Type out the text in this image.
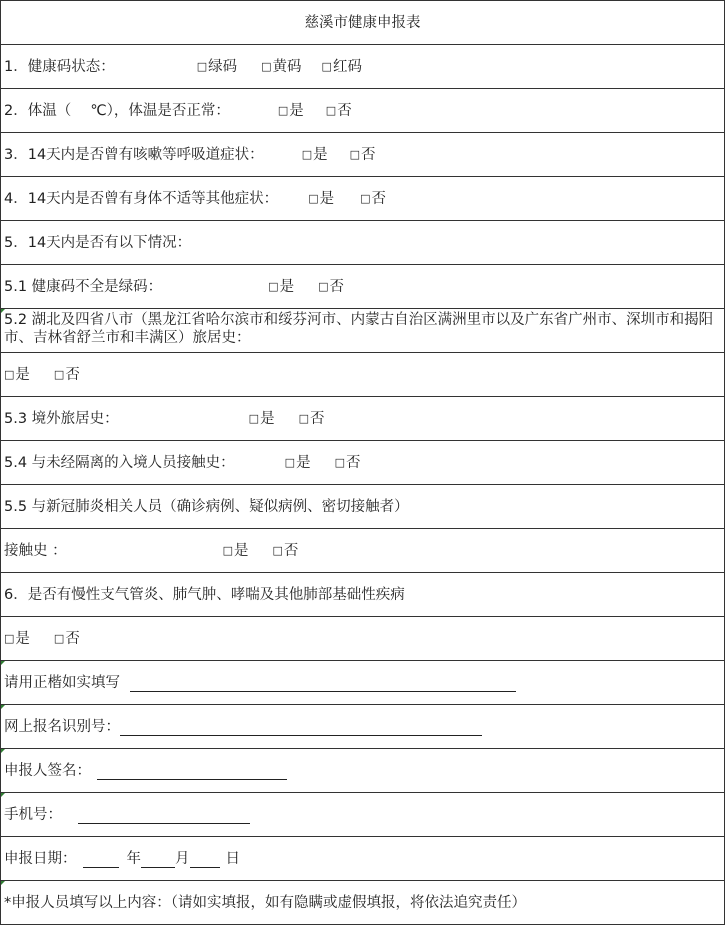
慈溪市健康申报表
1．健康码状态：	□ 绿码 □ 黄码 □ 红码
2．体温（　 ℃），体温是否正常：	□ 是 □ 否
3．14天内是否曾有咳嗽等呼吸道症状：	□ 是 □ 否
4．14天内是否曾有身体不适等其他症状：	□ 是 □ 否
5．14天内是否有以下情况：
5.1 健康码不全是绿码：	□ 是 □ 否
5.2 湖北及四省八市（黑龙江省哈尔滨市和绥芬河市、内蒙古自治区满洲里市以及广东省广州市、深圳市和揭阳市、吉林省舒兰市和丰满区）旅居史：
□ 是 □ 否
5.3 境外旅居史：	□ 是 □ 否
5.4 与未经隔离的入境人员接触史：	□ 是 □ 否
5.5 与新冠肺炎相关人员（确诊病例、疑似病例、密切接触者）
接触史 ：	□ 是 □ 否
6．是否有慢性支气管炎、肺气肿、哮喘及其他肺部基础性疾病
□ 是 □ 否
请用正楷如实填写
网上报名识别号：
申报人签名：
手机号：
申报日期：	年 月 日
*申报人员填写以上内容：（请如实填报，如有隐瞒或虚假填报，将依法追究责任）
